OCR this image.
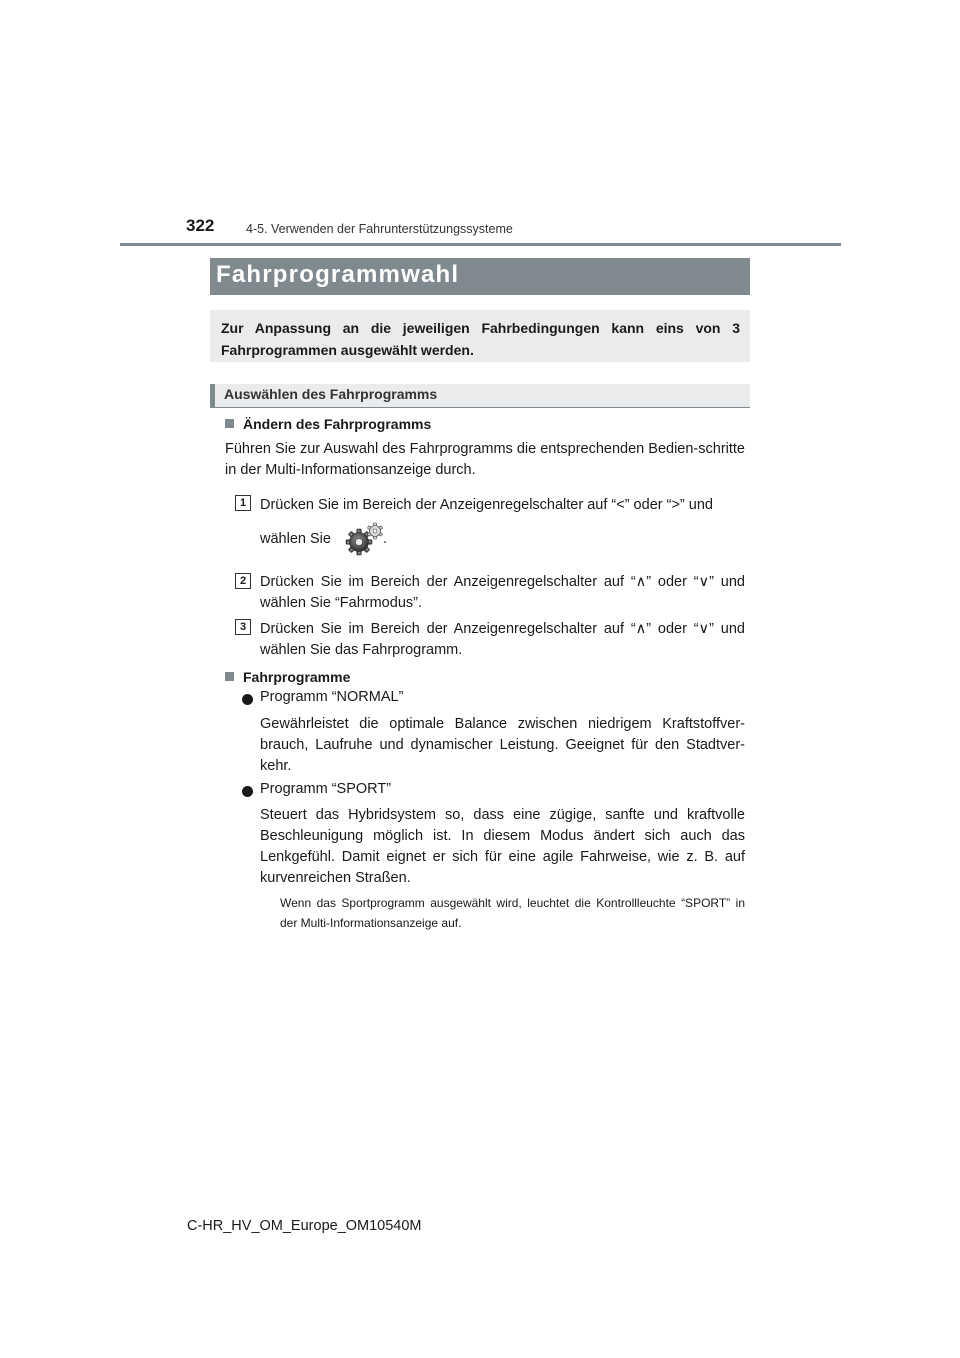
322	4-5. Verwenden der Fahrunterstützungssysteme
Fahrprogrammwahl
Zur Anpassung an die jeweiligen Fahrbedingungen kann eins von 3 Fahrprogrammen ausgewählt werden.
Auswählen des Fahrprogramms
Ändern des Fahrprogramms
Führen Sie zur Auswahl des Fahrprogramms die entsprechenden Bedien-schritte in der Multi-Informationsanzeige durch.
1 Drücken Sie im Bereich der Anzeigenregelschalter auf “<” oder “>” und
wählen Sie	.
2 Drücken Sie im Bereich der Anzeigenregelschalter auf “∧” oder “∨” und wählen Sie “Fahrmodus”.
3 Drücken Sie im Bereich der Anzeigenregelschalter auf “∧” oder “∨” und wählen Sie das Fahrprogramm.
Fahrprogramme
Programm “NORMAL”
Gewährleistet die optimale Balance zwischen niedrigem Kraftstoffver-brauch, Laufruhe und dynamischer Leistung. Geeignet für den Stadtver-kehr.
Programm “SPORT”
Steuert das Hybridsystem so, dass eine zügige, sanfte und kraftvolle Beschleunigung möglich ist. In diesem Modus ändert sich auch das Lenkgefühl. Damit eignet er sich für eine agile Fahrweise, wie z. B. auf kurvenreichen Straßen.
Wenn das Sportprogramm ausgewählt wird, leuchtet die Kontrollleuchte “SPORT” in der Multi-Informationsanzeige auf.
C-HR_HV_OM_Europe_OM10540M
